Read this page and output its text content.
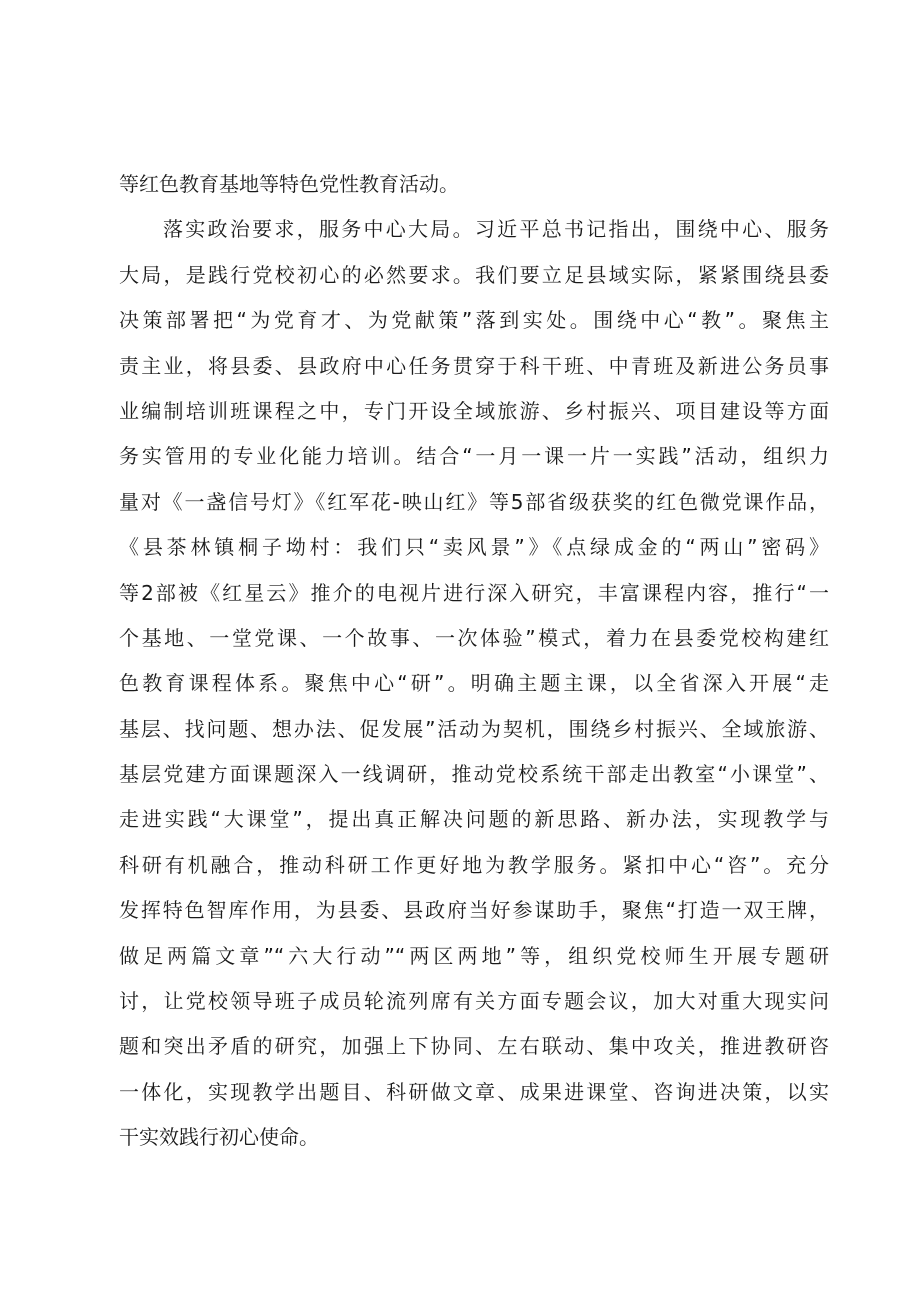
等红色教育基地等特色党性教育活动。
落实政治要求，服务中心大局。习近平总书记指出，围绕中心、服务
大局，是践行党校初心的必然要求。我们要立足县域实际，紧紧围绕县委
决策部署把“为党育才、为党献策”落到实处。围绕中心“教”。聚焦主
责主业，将县委、县政府中心任务贯穿于科干班、中青班及新进公务员事
业编制培训班课程之中，专门开设全域旅游、乡村振兴、项目建设等方面
务实管用的专业化能力培训。结合“一月一课一片一实践”活动，组织力
量对《一盏信号灯》《红军花-映山红》等5部省级获奖的红色微党课作品，
《县茶林镇桐子坳村：我们只“卖风景”》《点绿成金的“两山”密码》
等2部被《红星云》推介的电视片进行深入研究，丰富课程内容，推行“一
个基地、一堂党课、一个故事、一次体验”模式，着力在县委党校构建红
色教育课程体系。聚焦中心“研”。明确主题主课，以全省深入开展“走
基层、找问题、想办法、促发展”活动为契机，围绕乡村振兴、全域旅游、
基层党建方面课题深入一线调研，推动党校系统干部走出教室“小课堂”、
走进实践“大课堂”，提出真正解决问题的新思路、新办法，实现教学与
科研有机融合，推动科研工作更好地为教学服务。紧扣中心“咨”。充分
发挥特色智库作用，为县委、县政府当好参谋助手，聚焦“打造一双王牌，
做足两篇文章”“六大行动”“两区两地”等，组织党校师生开展专题研
讨，让党校领导班子成员轮流列席有关方面专题会议，加大对重大现实问
题和突出矛盾的研究，加强上下协同、左右联动、集中攻关，推进教研咨
一体化，实现教学出题目、科研做文章、成果进课堂、咨询进决策，以实
干实效践行初心使命。
